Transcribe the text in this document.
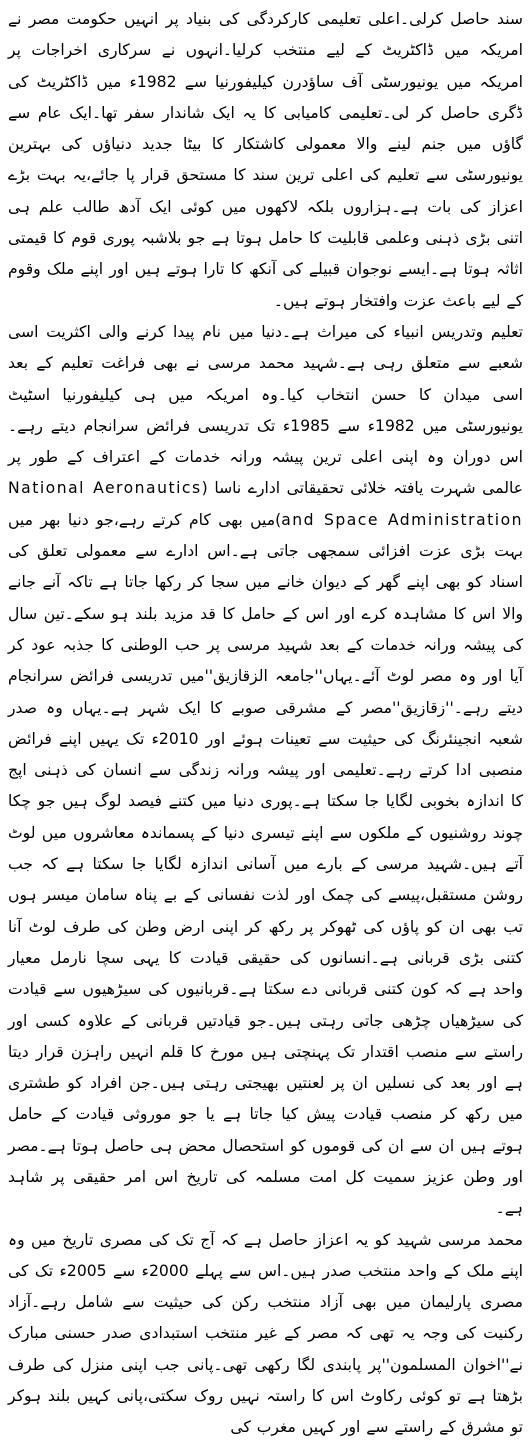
سند حاصل کرلی۔اعلی تعلیمی کارکردگی کی بنیاد پر انہیں حکومت مصر نے امریکہ میں ڈاکٹریٹ کے لیے منتخب کرلیا۔انہوں نے سرکاری اخراجات پر امریکہ میں یونیورسٹی آف ساؤدرن کیلیفورنیا سے 1982ء میں ڈاکٹریٹ کی ڈگری حاصل کر لی۔تعلیمی کامیابی کا یہ ایک شاندار سفر تھا۔ایک عام سے گاؤں میں جنم لینے والا معمولی کاشتکار کا بیٹا جدید دنیاؤں کی بہترین یونیورسٹی سے تعلیم کی اعلی ترین سند کا مستحق قرار پا جائے،یہ بہت بڑے اعزاز کی بات ہے۔ہزاروں بلکہ لاکھوں میں کوئی ایک آدھ طالب علم ہی اتنی بڑی ذہنی وعلمی قابلیت کا حامل ہوتا ہے جو بلاشبہ پوری قوم کا قیمتی اثاثہ ہوتا ہے۔ایسے نوجوان قبیلے کی آنکھ کا تارا ہوتے ہیں اور اپنے ملک وقوم کے لیے باعث عزت وافتخار ہوتے ہیں۔

تعلیم وتدریس انبیاء کی میراث ہے۔دنیا میں نام پیدا کرنے والی اکثریت اسی شعبے سے متعلق رہی ہے۔شہید محمد مرسی نے بھی فراغت تعلیم کے بعد اسی میدان کا حسن انتخاب کیا۔وہ امریکہ میں ہی کیلیفورنیا اسٹیٹ یونیورسٹی میں 1982ء سے 1985ء تک تدریسی فرائض سرانجام دیتے رہے۔اس دوران وہ اپنی اعلی ترین پیشہ ورانہ خدمات کے اعتراف کے طور پر عالمی شہرت یافتہ خلائی تحقیقاتی ادارے ناسا (National Aeronautics and Space Administration)میں بھی کام کرتے رہے،جو دنیا بھر میں بہت بڑی عزت افزائی سمجھی جاتی ہے۔اس ادارے سے معمولی تعلق کی اسناد کو بھی اپنے گھر کے دیوان خانے میں سجا کر رکھا جاتا ہے تاکہ آنے جانے والا اس کا مشاہدہ کرے اور اس کے حامل کا قد مزید بلند ہو سکے۔تین سال کی پیشہ ورانہ خدمات کے بعد شہید مرسی پر حب الوطنی کا جذبہ عود کر آیا اور وہ مصر لوٹ آئے۔یہاں''جامعہ الزقازیق''میں تدریسی فرائض سرانجام دیتے رہے۔''زقازیق''مصر کے مشرقی صوبے کا ایک شہر ہے۔یہاں وہ صدر شعبہ انجینئرنگ کی حیثیت سے تعینات ہوئے اور 2010ء تک یہیں اپنے فرائض منصبی ادا کرتے رہے۔تعلیمی اور پیشہ ورانہ زندگی سے انسان کی ذہنی اپج کا اندازہ بخوبی لگایا جا سکتا ہے۔پوری دنیا میں کتنے فیصد لوگ ہیں جو چکا چوند روشنیوں کے ملکوں سے اپنے تیسری دنیا کے پسماندہ معاشروں میں لوٹ آتے ہیں۔شہید مرسی کے بارے میں آسانی اندازہ لگایا جا سکتا ہے کہ جب روشن مستقبل،پیسے کی چمک اور لذت نفسانی کے بے پناہ سامان میسر ہوں تب بھی ان کو پاؤں کی ٹھوکر پر رکھ کر اپنی ارض وطن کی طرف لوٹ آنا کتنی بڑی قربانی ہے۔انسانوں کی حقیقی قیادت کا یہی سچا نارمل معیار واحد ہے کہ کون کتنی قربانی دے سکتا ہے۔قربانیوں کی سیڑھیوں سے قیادت کی سیڑھیاں چڑھی جاتی رہتی ہیں۔جو قیادتیں قربانی کے علاوہ کسی اور راستے سے منصب اقتدار تک پہنچتی ہیں مورخ کا قلم انہیں راہزن قرار دیتا ہے اور بعد کی نسلیں ان پر لعنتیں بھیجتی رہتی ہیں۔جن افراد کو طشتری میں رکھ کر منصب قیادت پیش کیا جاتا ہے یا جو موروثی قیادت کے حامل ہوتے ہیں ان سے ان کی قوموں کو استحصال محض ہی حاصل ہوتا ہے۔مصر اور وطن عزیز سمیت کل امت مسلمہ کی تاریخ اس امر حقیقی پر شاہد ہے۔

محمد مرسی شہید کو یہ اعزاز حاصل ہے کہ آج تک کی مصری تاریخ میں وہ اپنے ملک کے واحد منتخب صدر ہیں۔اس سے پہلے 2000ء سے 2005ء تک کی مصری پارلیمان میں بھی آزاد منتخب رکن کی حیثیت سے شامل رہے۔آزاد رکنیت کی وجہ یہ تھی کہ مصر کے غیر منتخب استبدادی صدر حسنی مبارک نے''اخوان المسلمون''پر پابندی لگا رکھی تھی۔پانی جب اپنی منزل کی طرف بڑھتا ہے تو کوئی رکاوٹ اس کا راستہ نہیں روک سکتی،پانی کہیں بلند ہوکر تو مشرق کے راستے سے اور کہیں مغرب کی
